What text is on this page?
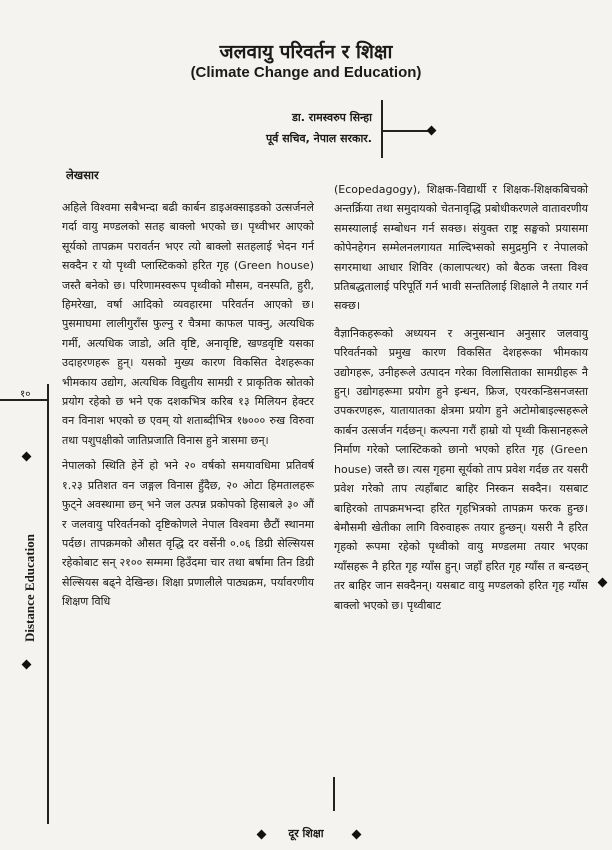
जलवायु परिवर्तन र शिक्षा
(Climate Change and Education)
डा. रामस्वरुप सिन्हा
पूर्व सचिव, नेपाल सरकार.
लेखसार

अहिले विश्वमा सबैभन्दा बढी कार्बन डाइअक्साइडको उत्सर्जनले गर्दा वायु मण्डलको सतह बाक्लो भएको छ। पृथ्वीभर आएको सूर्यको तापक्रम परावर्तन भएर त्यो बाक्लो सतहलाई भेदन गर्न सक्दैन र यो पृथ्वी प्लास्टिकको हरित गृह (Green house) जस्तै बनेको छ। परिणामस्वरूप पृथ्वीको मौसम, वनस्पति, हुरी, हिमरेखा, वर्षा आदिको व्यवहारमा परिवर्तन आएको छ। पुसमाघमा लालीगुराँस फुल्नु र चैत्रमा काफल पाक्नु, अत्यधिक गर्मी, अत्यधिक जाडो, अति वृष्टि, अनावृष्टि, खण्डवृष्टि यसका उदाहरणहरू हुन्। यसको मुख्य कारण विकसित देशहरूका भीमकाय उद्योग, अत्यधिक विद्युतीय सामग्री र प्राकृतिक स्रोतको प्रयोग रहेको छ भने एक दशकभित्र करिब १३ मिलियन हेक्टर वन विनाश भएको छ एवम् यो शताब्दीभित्र १७००० रुख विरुवा तथा पशुपक्षीको जातिप्रजाति विनास हुने त्रासमा छन्।

नेपालको स्थिति हेर्ने हो भने २० वर्षको समयावधिमा प्रतिवर्ष १.२३ प्रतिशत वन जङ्गल विनास हुँदैछ, २० ओटा हिमतालहरू फुट्ने अवस्थामा छन् भने जल उत्पन्न प्रकोपको हिसाबले ३० औं र जलवायु परिवर्तनको दृष्टिकोणले नेपाल विश्वमा छैटौं स्थानमा पर्दछ। तापक्रमको औसत वृद्धि दर वर्सेनी ०.०६ डिग्री सेल्सियस रहेकोबाट सन् २१०० सम्ममा हिउँदमा चार तथा बर्षामा तिन डिग्री सेल्सियस बढ्ने देखिन्छ। शिक्षा प्रणालीले पाठ्यक्रम, पर्यावरणीय शिक्षण विधि

(Ecopedagogy), शिक्षक-विद्यार्थी र शिक्षक-शिक्षकबिचको अन्तर्क्रिया तथा समुदायको चेतनावृद्धि प्रबोधीकरणले वातावरणीय समस्यालाई सम्बोधन गर्न सक्छ। संयुक्त राष्ट्र सङ्घको प्रयासमा कोपेनहेगन सम्मेलनलगायत माल्दिभ्सको समुद्रमुनि र नेपालको सगरमाथा आधार शिविर (कालापत्थर) को बैठक जस्ता विश्व प्रतिबद्धतालाई परिपूर्ति गर्न भावी सन्ततिलाई शिक्षाले नै तयार गर्न सक्छ।

वैज्ञानिकहरूको अध्ययन र अनुसन्धान अनुसार जलवायु परिवर्तनको प्रमुख कारण विकसित देशहरूका भीमकाय उद्योगहरू, उनीहरूले उत्पादन गरेका विलासिताका सामग्रीहरू नै हुन्। उद्योगहरूमा प्रयोग हुने इन्धन, फ्रिज, एयरकन्डिसनजस्ता उपकरणहरू, यातायातका क्षेत्रमा प्रयोग हुने अटोमोबाइल्सहरूले कार्बन उत्सर्जन गर्दछन्। कल्पना गरौं हाम्रो यो पृथ्वी किसानहरूले निर्माण गरेको प्लास्टिकको छानो भएको हरित गृह (Green house) जस्तै छ। त्यस गृहमा सूर्यको ताप प्रवेश गर्दछ तर यसरी प्रवेश गरेको ताप त्यहाँबाट बाहिर निस्कन सक्दैन। यसबाट बाहिरको तापक्रमभन्दा हरित गृहभित्रको तापक्रम फरक हुन्छ। बेमौसमी खेतीका लागि विरुवाहरू तयार हुन्छन्। यसरी नै हरित गृहको रूपमा रहेको पृथ्वीको वायु मण्डलमा तयार भएका ग्याँसहरू नै हरित गृह ग्याँस हुन्। जहाँ हरित गृह ग्याँस त बन्दछन् तर बाहिर जान सक्दैनन्। यसबाट वायु मण्डलको हरित गृह ग्याँस बाक्लो भएको छ। पृथ्वीबाट

१०
Distance Education
दूर शिक्षा
